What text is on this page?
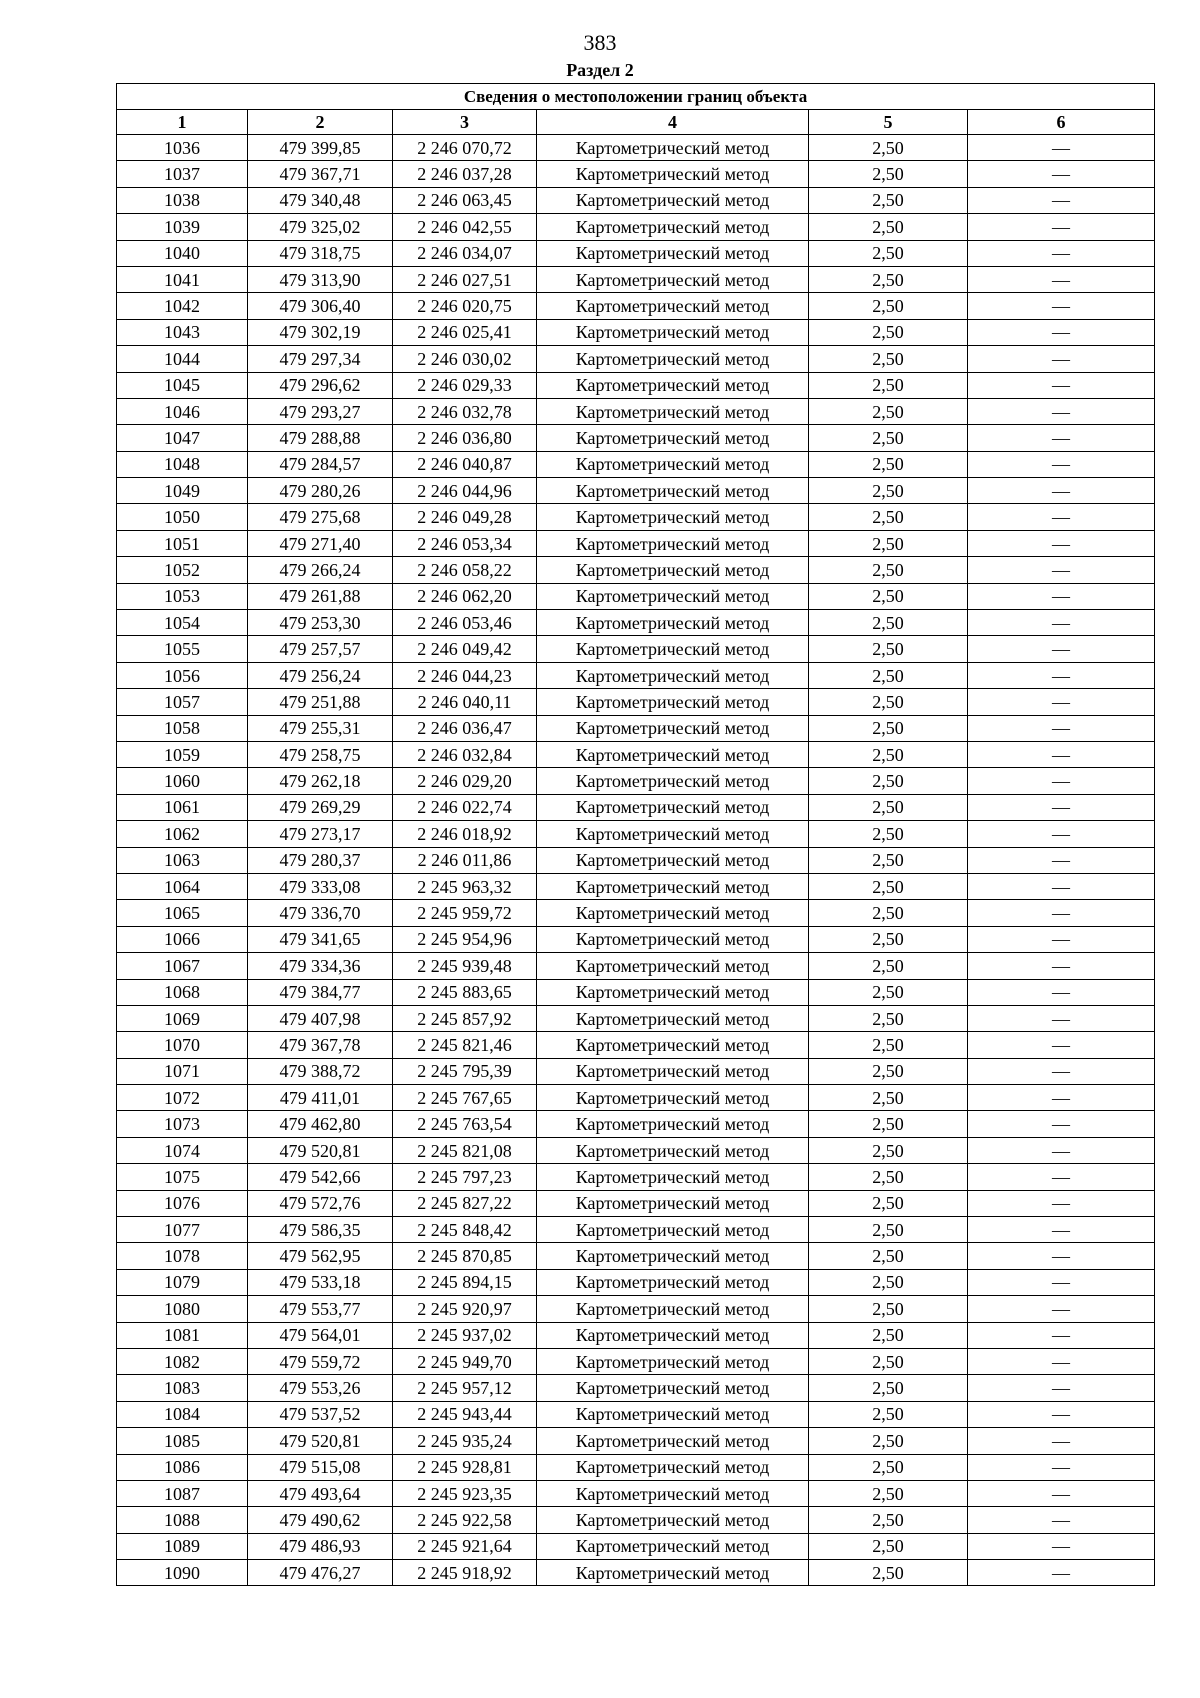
383
Раздел 2
Сведения о местоположении границ объекта					
1	2	3	4	5	6
1036	479 399,85	2 246 070,72	Картометрический метод	2,50	—
1037	479 367,71	2 246 037,28	Картометрический метод	2,50	—
1038	479 340,48	2 246 063,45	Картометрический метод	2,50	—
1039	479 325,02	2 246 042,55	Картометрический метод	2,50	—
1040	479 318,75	2 246 034,07	Картометрический метод	2,50	—
1041	479 313,90	2 246 027,51	Картометрический метод	2,50	—
1042	479 306,40	2 246 020,75	Картометрический метод	2,50	—
1043	479 302,19	2 246 025,41	Картометрический метод	2,50	—
1044	479 297,34	2 246 030,02	Картометрический метод	2,50	—
1045	479 296,62	2 246 029,33	Картометрический метод	2,50	—
1046	479 293,27	2 246 032,78	Картометрический метод	2,50	—
1047	479 288,88	2 246 036,80	Картометрический метод	2,50	—
1048	479 284,57	2 246 040,87	Картометрический метод	2,50	—
1049	479 280,26	2 246 044,96	Картометрический метод	2,50	—
1050	479 275,68	2 246 049,28	Картометрический метод	2,50	—
1051	479 271,40	2 246 053,34	Картометрический метод	2,50	—
1052	479 266,24	2 246 058,22	Картометрический метод	2,50	—
1053	479 261,88	2 246 062,20	Картометрический метод	2,50	—
1054	479 253,30	2 246 053,46	Картометрический метод	2,50	—
1055	479 257,57	2 246 049,42	Картометрический метод	2,50	—
1056	479 256,24	2 246 044,23	Картометрический метод	2,50	—
1057	479 251,88	2 246 040,11	Картометрический метод	2,50	—
1058	479 255,31	2 246 036,47	Картометрический метод	2,50	—
1059	479 258,75	2 246 032,84	Картометрический метод	2,50	—
1060	479 262,18	2 246 029,20	Картометрический метод	2,50	—
1061	479 269,29	2 246 022,74	Картометрический метод	2,50	—
1062	479 273,17	2 246 018,92	Картометрический метод	2,50	—
1063	479 280,37	2 246 011,86	Картометрический метод	2,50	—
1064	479 333,08	2 245 963,32	Картометрический метод	2,50	—
1065	479 336,70	2 245 959,72	Картометрический метод	2,50	—
1066	479 341,65	2 245 954,96	Картометрический метод	2,50	—
1067	479 334,36	2 245 939,48	Картометрический метод	2,50	—
1068	479 384,77	2 245 883,65	Картометрический метод	2,50	—
1069	479 407,98	2 245 857,92	Картометрический метод	2,50	—
1070	479 367,78	2 245 821,46	Картометрический метод	2,50	—
1071	479 388,72	2 245 795,39	Картометрический метод	2,50	—
1072	479 411,01	2 245 767,65	Картометрический метод	2,50	—
1073	479 462,80	2 245 763,54	Картометрический метод	2,50	—
1074	479 520,81	2 245 821,08	Картометрический метод	2,50	—
1075	479 542,66	2 245 797,23	Картометрический метод	2,50	—
1076	479 572,76	2 245 827,22	Картометрический метод	2,50	—
1077	479 586,35	2 245 848,42	Картометрический метод	2,50	—
1078	479 562,95	2 245 870,85	Картометрический метод	2,50	—
1079	479 533,18	2 245 894,15	Картометрический метод	2,50	—
1080	479 553,77	2 245 920,97	Картометрический метод	2,50	—
1081	479 564,01	2 245 937,02	Картометрический метод	2,50	—
1082	479 559,72	2 245 949,70	Картометрический метод	2,50	—
1083	479 553,26	2 245 957,12	Картометрический метод	2,50	—
1084	479 537,52	2 245 943,44	Картометрический метод	2,50	—
1085	479 520,81	2 245 935,24	Картометрический метод	2,50	—
1086	479 515,08	2 245 928,81	Картометрический метод	2,50	—
1087	479 493,64	2 245 923,35	Картометрический метод	2,50	—
1088	479 490,62	2 245 922,58	Картометрический метод	2,50	—
1089	479 486,93	2 245 921,64	Картометрический метод	2,50	—
1090	479 476,27	2 245 918,92	Картометрический метод	2,50	—
